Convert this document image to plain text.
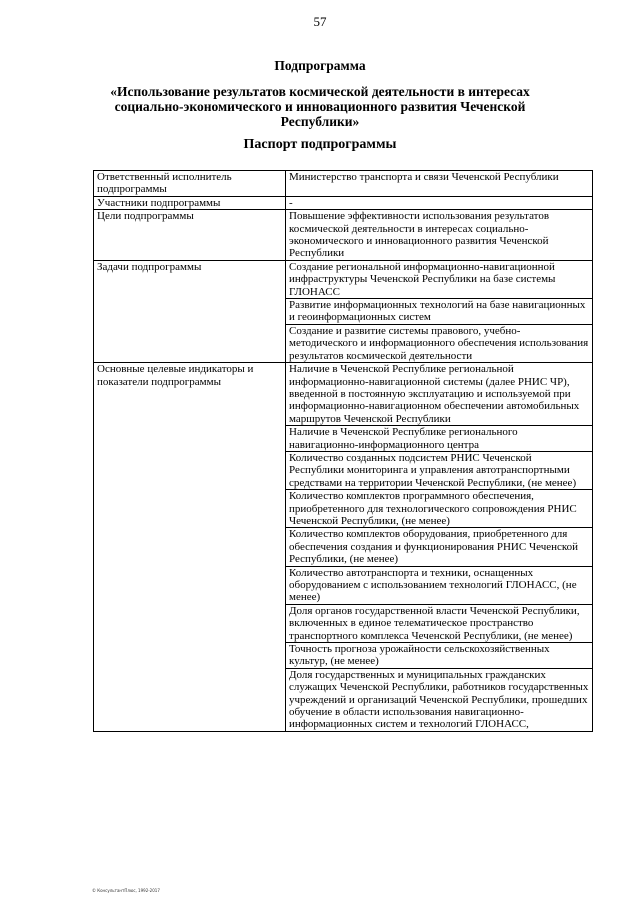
57
Подпрограмма
«Использование результатов космической деятельности в интересах
социально-экономического и инновационного развития Чеченской
Республики»
Паспорт подпрограммы
Ответственный исполнитель подпрограммы	Министерство транспорта и связи Чеченской Республики
Участники подпрограммы	-
Цели подпрограммы	Повышение эффективности использования результатов космической деятельности в интересах социально-экономического и инновационного развития Чеченской Республики
Задачи подпрограммы	Создание региональной информационно-навигационной инфраструктуры Чеченской Республики на базе системы ГЛОНАСС
	Развитие информационных технологий на базе навигационных и геоинформационных систем
	Создание и развитие системы правового, учебно-методического и информационного обеспечения использования результатов космической деятельности
Основные целевые индикаторы и показатели подпрограммы	Наличие в Чеченской Республике региональной информационно-навигационной системы (далее РНИС ЧР), введенной в постоянную эксплуатацию и используемой при информационно-навигационном обеспечении автомобильных маршрутов Чеченской Республики
	Наличие в Чеченской Республике регионального навигационно-информационного центра
	Количество созданных подсистем РНИС Чеченской Республики мониторинга и управления автотранспортными средствами на территории Чеченской Республики, (не менее)
	Количество комплектов программного обеспечения, приобретенного для технологического сопровождения РНИС Чеченской Республики, (не менее)
	Количество комплектов оборудования, приобретенного для обеспечения создания и функционирования РНИС Чеченской Республики, (не менее)
	Количество автотранспорта и техники, оснащенных оборудованием с использованием технологий ГЛОНАСС, (не менее)
	Доля органов государственной власти Чеченской Республики, включенных в единое телематическое пространство транспортного комплекса Чеченской Республики, (не менее)
	Точность прогноза урожайности сельскохозяйственных культур, (не менее)
	Доля государственных и муниципальных гражданских служащих Чеченской Республики, работников государственных учреждений и организаций Чеченской Республики, прошедших обучение в области использования навигационно-информационных систем и технологий ГЛОНАСС,
© КонсультантПлюс, 1992-2017
